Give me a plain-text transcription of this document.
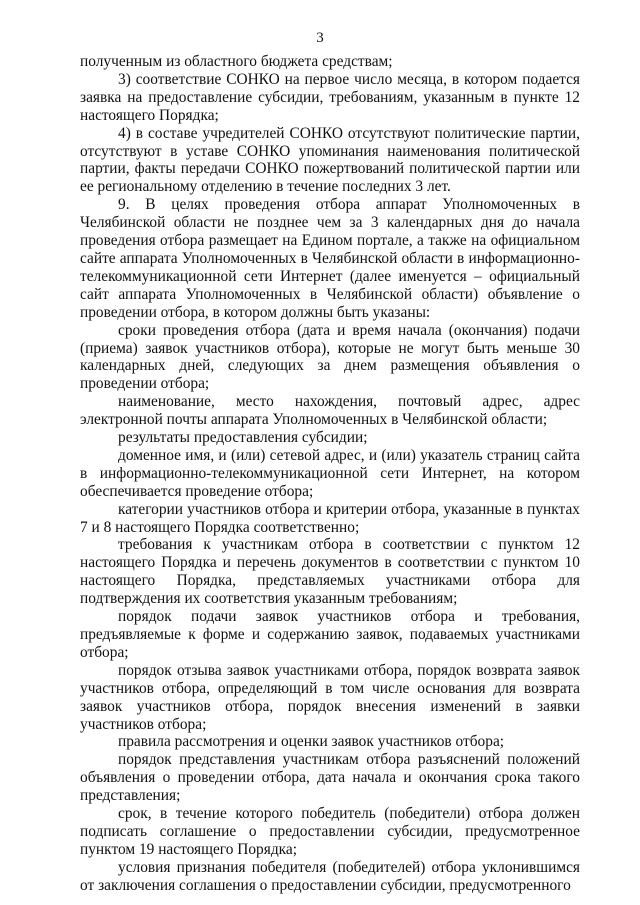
3

полученным из областного бюджета средствам;

3) соответствие СОНКО на первое число месяца, в котором подается заявка на предоставление субсидии, требованиям, указанным в пункте 12 настоящего Порядка;

4) в составе учредителей СОНКО отсутствуют политические партии, отсутствуют в уставе СОНКО упоминания наименования политической партии, факты передачи СОНКО пожертвований политической партии или ее региональному отделению в течение последних 3 лет.

9. В целях проведения отбора аппарат Уполномоченных в Челябинской области не позднее чем за 3 календарных дня до начала проведения отбора размещает на Едином портале, а также на официальном сайте аппарата Уполномоченных в Челябинской области в информационно-телекоммуникационной сети Интернет (далее именуется – официальный сайт аппарата Уполномоченных в Челябинской области) объявление о проведении отбора, в котором должны быть указаны:

сроки проведения отбора (дата и время начала (окончания) подачи (приема) заявок участников отбора), которые не могут быть меньше 30 календарных дней, следующих за днем размещения объявления о проведении отбора;

наименование, место нахождения, почтовый адрес, адрес электронной почты аппарата Уполномоченных в Челябинской области;

результаты предоставления субсидии;

доменное имя, и (или) сетевой адрес, и (или) указатель страниц сайта в информационно-телекоммуникационной сети Интернет, на котором обеспечивается проведение отбора;

категории участников отбора и критерии отбора, указанные в пунктах 7 и 8 настоящего Порядка соответственно;

требования к участникам отбора в соответствии с пунктом 12 настоящего Порядка и перечень документов в соответствии с пунктом 10 настоящего Порядка, представляемых участниками отбора для подтверждения их соответствия указанным требованиям;

порядок подачи заявок участников отбора и требования, предъявляемые к форме и содержанию заявок, подаваемых участниками отбора;

порядок отзыва заявок участниками отбора, порядок возврата заявок участников отбора, определяющий в том числе основания для возврата заявок участников отбора, порядок внесения изменений в заявки участников отбора;

правила рассмотрения и оценки заявок участников отбора;

порядок представления участникам отбора разъяснений положений объявления о проведении отбора, дата начала и окончания срока такого представления;

срок, в течение которого победитель (победители) отбора должен подписать соглашение о предоставлении субсидии, предусмотренное пунктом 19 настоящего Порядка;

условия признания победителя (победителей) отбора уклонившимся от заключения соглашения о предоставлении субсидии, предусмотренного
